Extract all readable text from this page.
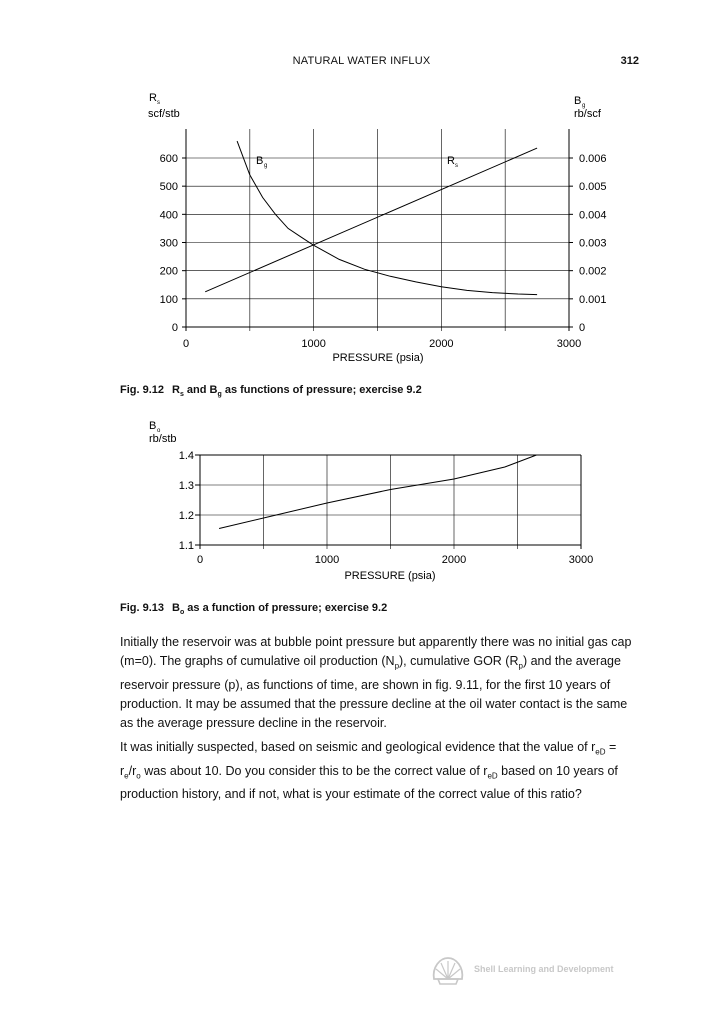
NATURAL WATER INFLUX	312
R s
scf/stb
B g
rb/scf
0	1000	2000	3000
0
100
200
300
400
500
600
0
0.001
0.002
0.003
0.004
0.005
0.006
PRESSURE (psia)
B g	R s
Fig. 9.12 $R_s$ and $B_g$ as functions of pressure; exercise 9.2
B o
rb/stb
0	1000	2000	3000
1.1
1.2
1.3
1.4
PRESSURE (psia)
Fig. 9.13 $B_o$ as a function of pressure; exercise 9.2

Initially the reservoir was at bubble point pressure but apparently there was no initial gas cap (m=0). The graphs of cumulative oil production $(N_p)$, cumulative GOR $(R_p)$ and the average reservoir pressure (p), as functions of time, are shown in fig. 9.11, for the first 10 years of production. It may be assumed that the pressure decline at the oil water contact is the same as the average pressure decline in the reservoir.

It was initially suspected, based on seismic and geological evidence that the value of $r_{eD} = r_e/r_o$ was about 10. Do you consider this to be the correct value of $r_{eD}$ based on 10 years of production history, and if not, what is your estimate of the correct value of this ratio?

Shell Learning and Development
